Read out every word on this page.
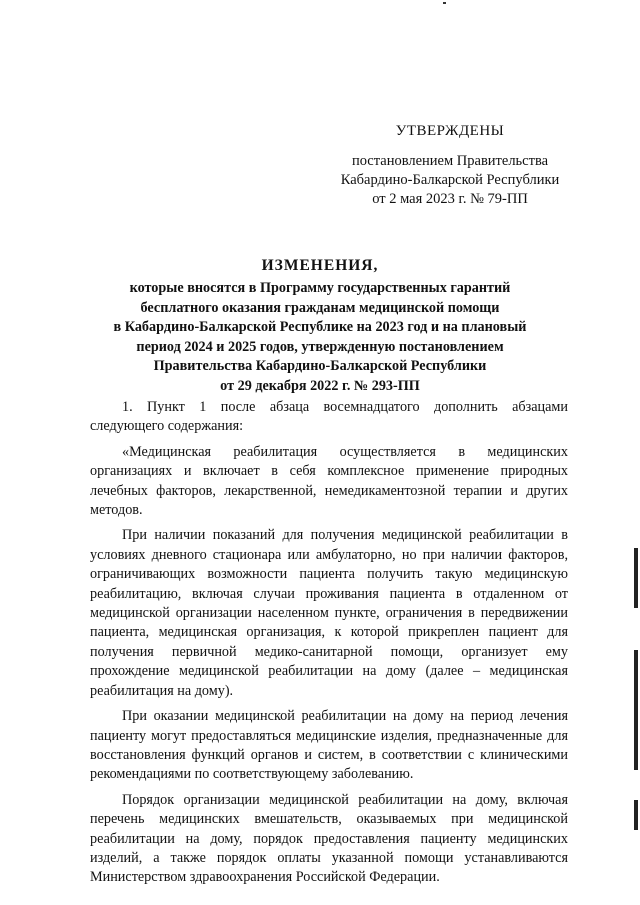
УТВЕРЖДЕНЫ
постановлением Правительства
Кабардино-Балкарской Республики
от 2 мая 2023 г. № 79-ПП
ИЗМЕНЕНИЯ,
которые вносятся в Программу государственных гарантий
бесплатного оказания гражданам медицинской помощи
в Кабардино-Балкарской Республике на 2023 год и на плановый
период 2024 и 2025 годов, утвержденную постановлением
Правительства Кабардино-Балкарской Республики
от 29 декабря 2022 г. № 293-ПП

1. Пункт 1 после абзаца восемнадцатого дополнить абзацами следующего содержания:

«Медицинская реабилитация осуществляется в медицинских организациях и включает в себя комплексное применение природных лечебных факторов, лекарственной, немедикаментозной терапии и других методов.

При наличии показаний для получения медицинской реабилитации в условиях дневного стационара или амбулаторно, но при наличии факторов, ограничивающих возможности пациента получить такую медицинскую реабилитацию, включая случаи проживания пациента в отдаленном от медицинской организации населенном пункте, ограничения в передвижении пациента, медицинская организация, к которой прикреплен пациент для получения первичной медико-санитарной помощи, организует ему прохождение медицинской реабилитации на дому (далее – медицинская реабилитация на дому).

При оказании медицинской реабилитации на дому на период лечения пациенту могут предоставляться медицинские изделия, предназначенные для восстановления функций органов и систем, в соответствии с клиническими рекомендациями по соответствующему заболеванию.

Порядок организации медицинской реабилитации на дому, включая перечень медицинских вмешательств, оказываемых при медицинской реабилитации на дому, порядок предоставления пациенту медицинских изделий, а также порядок оплаты указанной помощи устанавливаются Министерством здравоохранения Российской Федерации.
